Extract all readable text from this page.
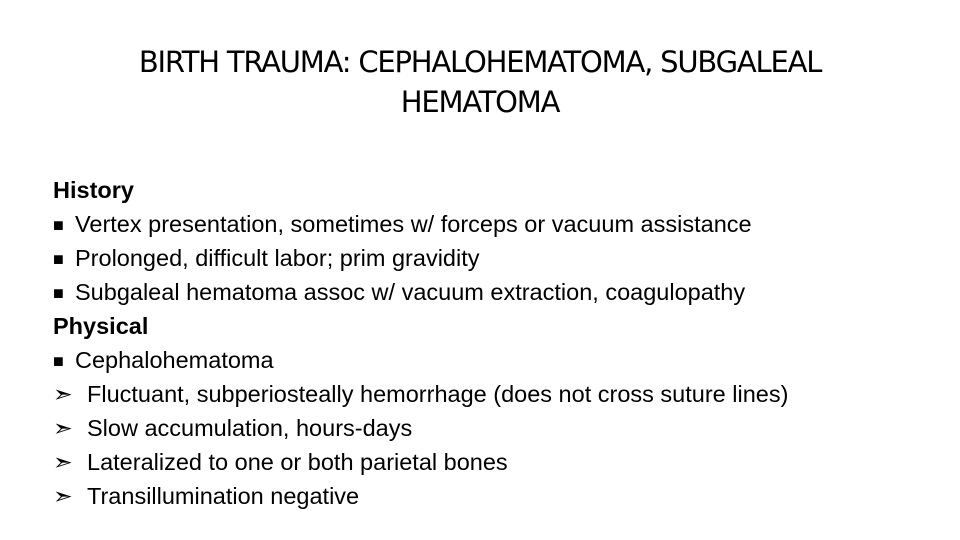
BIRTH TRAUMA: CEPHALOHEMATOMA, SUBGALEAL
HEMATOMA
History
■ Vertex presentation, sometimes w/ forceps or vacuum assistance
■ Prolonged, difficult labor; prim gravidity
■ Subgaleal hematoma assoc w/ vacuum extraction, coagulopathy
Physical
■ Cephalohematoma
➣ Fluctuant, subperiosteally hemorrhage (does not cross suture lines)
➣ Slow accumulation, hours-days
➣ Lateralized to one or both parietal bones
➣ Transillumination negative
